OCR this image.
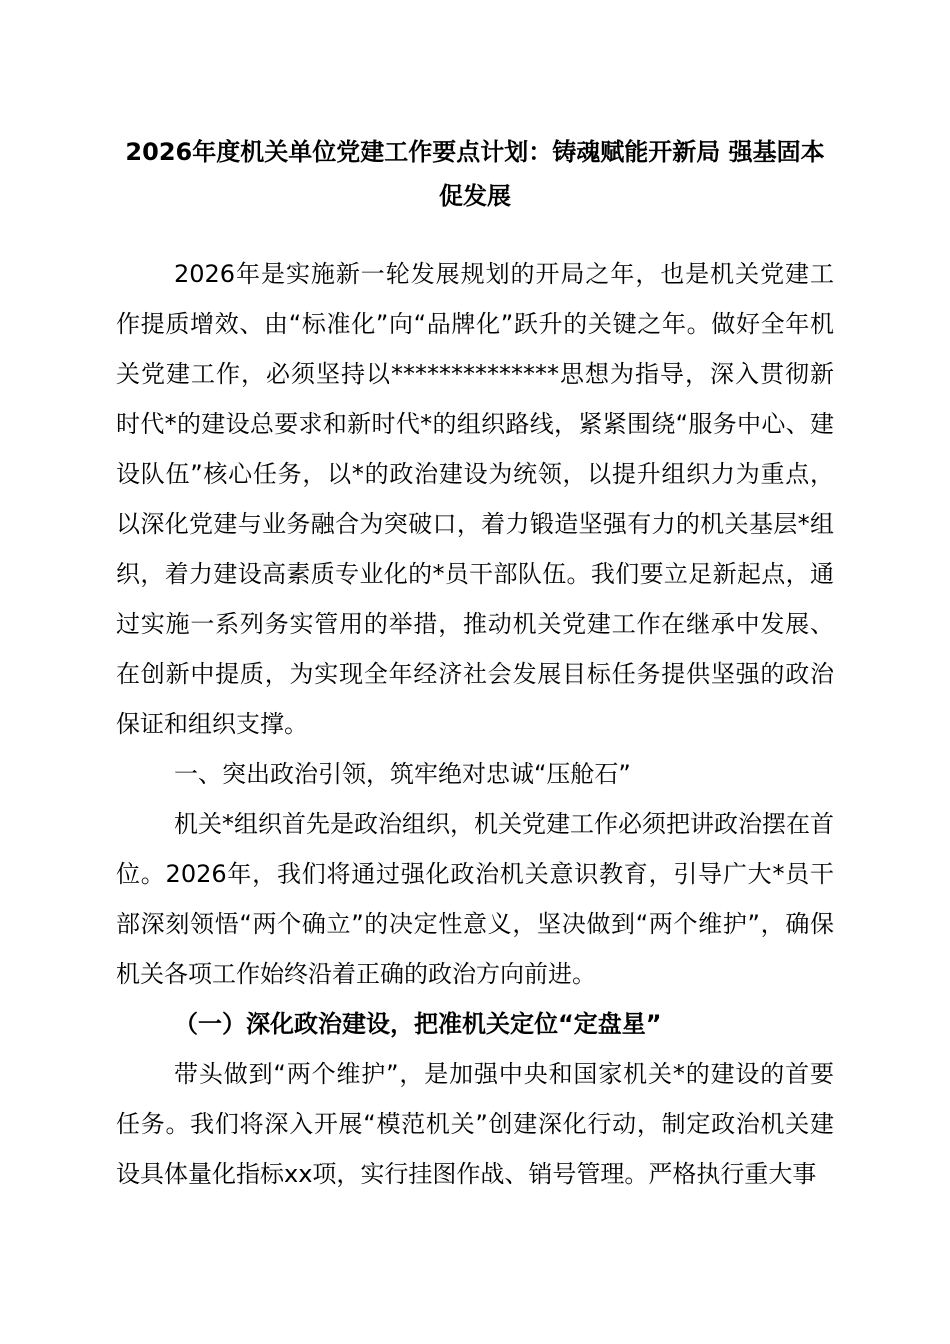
2026年度机关单位党建工作要点计划：铸魂赋能开新局 强基固本促发展

2026年是实施新一轮发展规划的开局之年，也是机关党建工作提质增效、由“标准化”向“品牌化”跃升的关键之年。做好全年机关党建工作，必须坚持以**************思想为指导，深入贯彻新时代*的建设总要求和新时代*的组织路线，紧紧围绕“服务中心、建设队伍”核心任务，以*的政治建设为统领，以提升组织力为重点，以深化党建与业务融合为突破口，着力锻造坚强有力的机关基层*组织，着力建设高素质专业化的*员干部队伍。我们要立足新起点，通过实施一系列务实管用的举措，推动机关党建工作在继承中发展、在创新中提质，为实现全年经济社会发展目标任务提供坚强的政治保证和组织支撑。

一、突出政治引领，筑牢绝对忠诚“压舱石”

机关*组织首先是政治组织，机关党建工作必须把讲政治摆在首位。2026年，我们将通过强化政治机关意识教育，引导广大*员干部深刻领悟“两个确立”的决定性意义，坚决做到“两个维护”，确保机关各项工作始终沿着正确的政治方向前进。

（一）深化政治建设，把准机关定位“定盘星”

带头做到“两个维护”，是加强中央和国家机关*的建设的首要任务。我们将深入开展“模范机关”创建深化行动，制定政治机关建设具体量化指标xx项，实行挂图作战、销号管理。严格执行重大事
